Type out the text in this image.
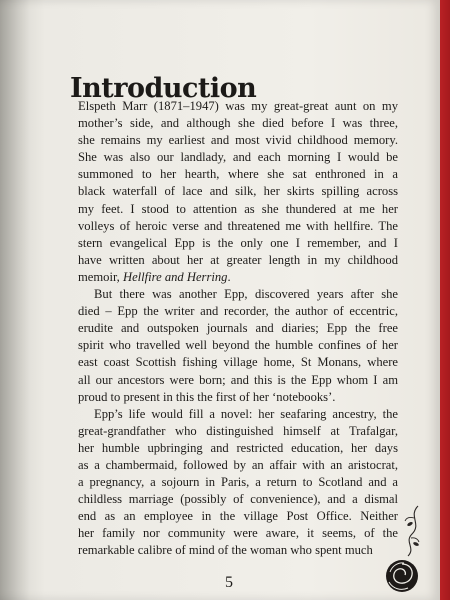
Introduction
Elspeth Marr (1871–1947) was my great-great aunt on my
mother’s side, and although she died before I was three,
she remains my earliest and most vivid childhood memory.
She was also our landlady, and each morning I would be
summoned to her hearth, where she sat enthroned in a
black waterfall of lace and silk, her skirts spilling across
my feet. I stood to attention as she thundered at me her
volleys of heroic verse and threatened me with hellfire. The
stern evangelical Epp is the only one I remember, and I
have written about her at greater length in my childhood
memoir, Hellfire and Herring.
But there was another Epp, discovered years after she
died – Epp the writer and recorder, the author of eccentric,
erudite and outspoken journals and diaries; Epp the free
spirit who travelled well beyond the humble confines of her
east coast Scottish fishing village home, St Monans, where
all our ancestors were born; and this is the Epp whom I am
proud to present in this the first of her ‘notebooks’.
Epp’s life would fill a novel: her seafaring ancestry, the
great-grandfather who distinguished himself at Trafalgar,
her humble upbringing and restricted education, her days
as a chambermaid, followed by an affair with an aristocrat,
a pregnancy, a sojourn in Paris, a return to Scotland and a
childless marriage (possibly of convenience), and a dismal
end as an employee in the village Post Office. Neither
her family nor community were aware, it seems, of the
remarkable calibre of mind of the woman who spent much
5
